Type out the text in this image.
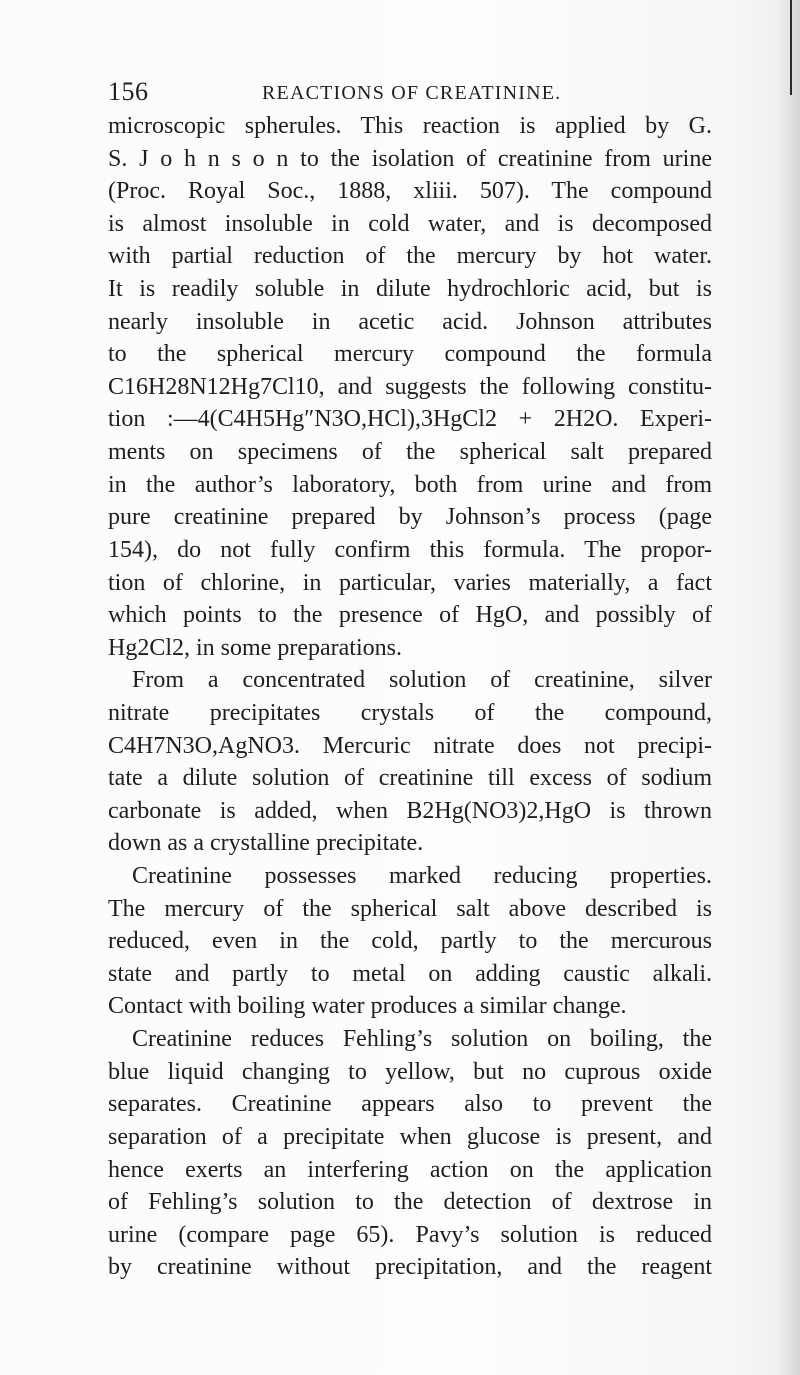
156	REACTIONS OF CREATININE.
microscopic spherules. This reaction is applied by G.
S. J o h n s o n to the isolation of creatinine from urine
(Proc. Royal Soc., 1888, xliii. 507). The compound
is almost insoluble in cold water, and is decomposed
with partial reduction of the mercury by hot water.
It is readily soluble in dilute hydrochloric acid, but is
nearly insoluble in acetic acid. Johnson attributes
to the spherical mercury compound the formula
C16H28N12Hg7Cl10, and suggests the following constitu-
tion :—4(C4H5Hg″N3O,HCl),3HgCl2 + 2H2O. Experi-
ments on specimens of the spherical salt prepared
in the author’s laboratory, both from urine and from
pure creatinine prepared by Johnson’s process (page
154), do not fully confirm this formula. The propor-
tion of chlorine, in particular, varies materially, a fact
which points to the presence of HgO, and possibly of
Hg2Cl2, in some preparations.
From a concentrated solution of creatinine, silver
nitrate precipitates crystals of the compound,
C4H7N3O,AgNO3. Mercuric nitrate does not precipi-
tate a dilute solution of creatinine till excess of sodium
carbonate is added, when B2Hg(NO3)2,HgO is thrown
down as a crystalline precipitate.
Creatinine possesses marked reducing properties.
The mercury of the spherical salt above described is
reduced, even in the cold, partly to the mercurous
state and partly to metal on adding caustic alkali.
Contact with boiling water produces a similar change.
Creatinine reduces Fehling’s solution on boiling, the
blue liquid changing to yellow, but no cuprous oxide
separates. Creatinine appears also to prevent the
separation of a precipitate when glucose is present, and
hence exerts an interfering action on the application
of Fehling’s solution to the detection of dextrose in
urine (compare page 65). Pavy’s solution is reduced
by creatinine without precipitation, and the reagent
